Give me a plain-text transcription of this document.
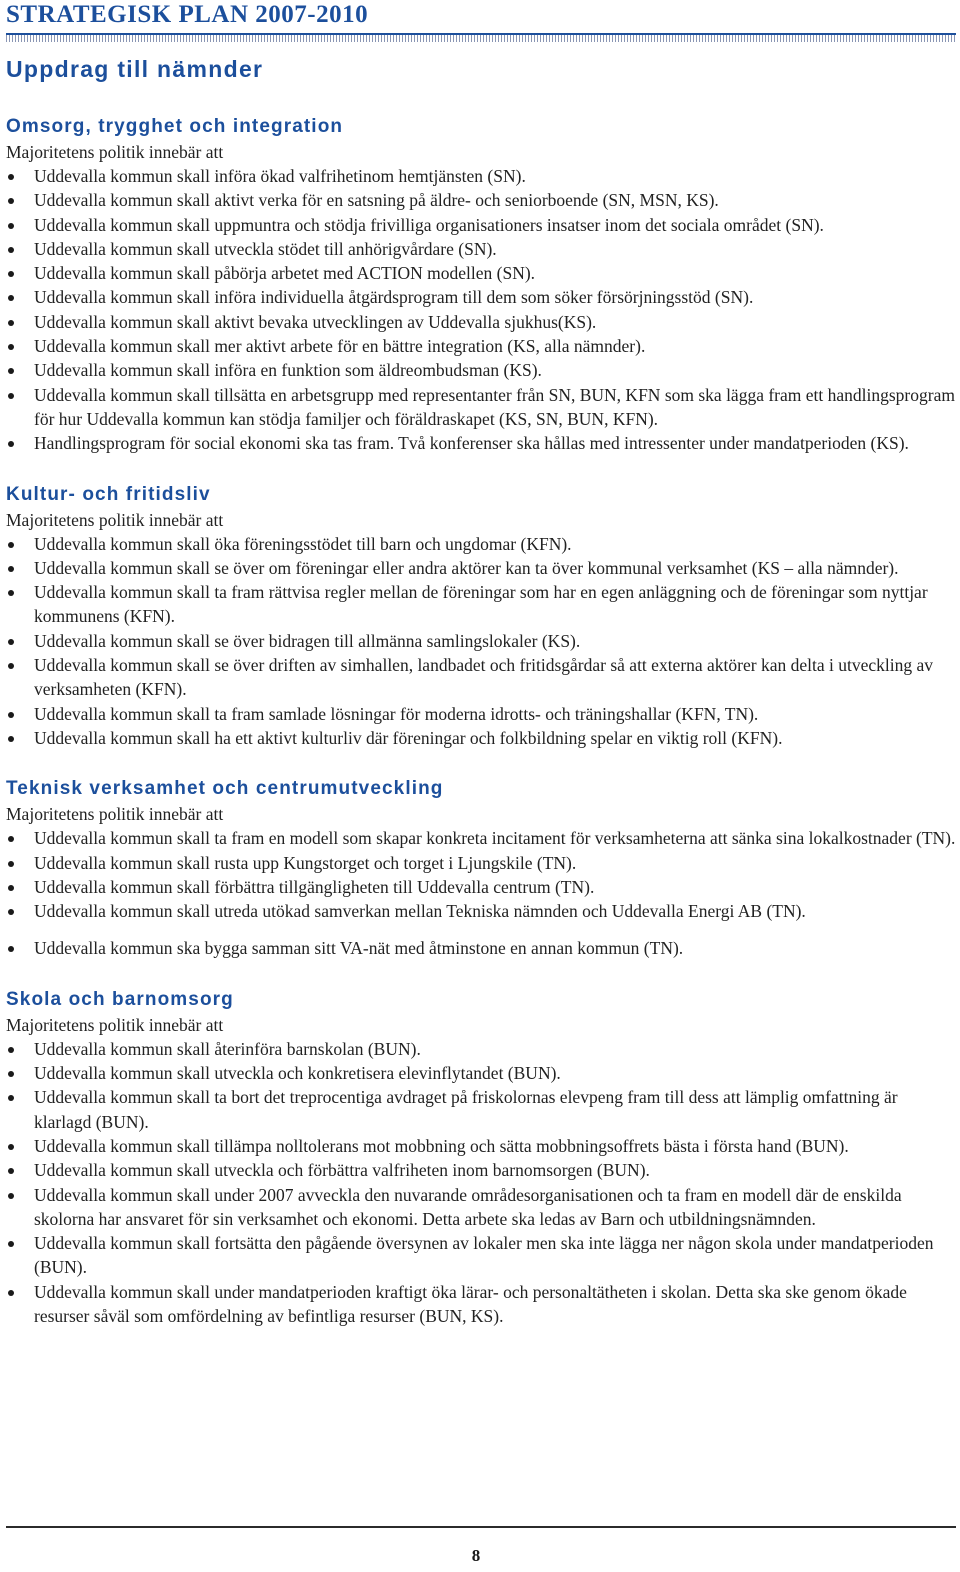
STRATEGISK PLAN 2007-2010
Uppdrag till nämnder
Omsorg, trygghet och integration

Majoritetens politik innebär att

Uddevalla kommun skall införa ökad valfrihetinom hemtjänsten (SN).
Uddevalla kommun skall aktivt verka för en satsning på äldre- och seniorboende (SN, MSN, KS).
Uddevalla kommun skall uppmuntra och stödja frivilliga organisationers insatser inom det sociala området (SN).
Uddevalla kommun skall utveckla stödet till anhörigvårdare (SN).
Uddevalla kommun skall påbörja arbetet med ACTION modellen (SN).
Uddevalla kommun skall införa individuella åtgärdsprogram till dem som söker försörjningsstöd (SN).
Uddevalla kommun skall aktivt bevaka utvecklingen av Uddevalla sjukhus(KS).
Uddevalla kommun skall mer aktivt arbete för en bättre integration (KS, alla nämnder).
Uddevalla kommun skall införa en funktion som äldreombudsman (KS).
Uddevalla kommun skall tillsätta en arbetsgrupp med representanter från SN, BUN, KFN som ska lägga fram ett handlingsprogram för hur Uddevalla kommun kan stödja familjer och föräldraskapet (KS, SN, BUN, KFN).
Handlingsprogram för social ekonomi ska tas fram. Två konferenser ska hållas med intressenter under mandatperioden (KS).
Kultur- och fritidsliv

Majoritetens politik innebär att

Uddevalla kommun skall öka föreningsstödet till barn och ungdomar (KFN).
Uddevalla kommun skall se över om föreningar eller andra aktörer kan ta över kommunal verksamhet (KS – alla nämnder).
Uddevalla kommun skall ta fram rättvisa regler mellan de föreningar som har en egen anläggning och de föreningar som nyttjar kommunens (KFN).
Uddevalla kommun skall se över bidragen till allmänna samlingslokaler (KS).
Uddevalla kommun skall se över driften av simhallen, landbadet och fritidsgårdar så att externa aktörer kan delta i utveckling av verksamheten (KFN).
Uddevalla kommun skall ta fram samlade lösningar för moderna idrotts- och träningshallar (KFN, TN).
Uddevalla kommun skall ha ett aktivt kulturliv där föreningar och folkbildning spelar en viktig roll (KFN).
Teknisk verksamhet och centrumutveckling

Majoritetens politik innebär att

Uddevalla kommun skall ta fram en modell som skapar konkreta incitament för verksamheterna att sänka sina lokalkostnader (TN).
Uddevalla kommun skall rusta upp Kungstorget och torget i Ljungskile (TN).
Uddevalla kommun skall förbättra tillgängligheten till Uddevalla centrum (TN).
Uddevalla kommun skall utreda utökad samverkan mellan Tekniska nämnden och Uddevalla Energi AB (TN).
Uddevalla kommun ska bygga samman sitt VA-nät med åtminstone en annan kommun (TN).
Skola och barnomsorg

Majoritetens politik innebär att

Uddevalla kommun skall återinföra barnskolan (BUN).
Uddevalla kommun skall utveckla och konkretisera elevinflytandet (BUN).
Uddevalla kommun skall ta bort det treprocentiga avdraget på friskolornas elevpeng fram till dess att lämplig omfattning är klarlagd (BUN).
Uddevalla kommun skall tillämpa nolltolerans mot mobbning och sätta mobbningsoffrets bästa i första hand (BUN).
Uddevalla kommun skall utveckla och förbättra valfriheten inom barnomsorgen (BUN).
Uddevalla kommun skall under 2007 avveckla den nuvarande områdesorganisationen och ta fram en modell där de enskilda skolorna har ansvaret för sin verksamhet och ekonomi. Detta arbete ska ledas av Barn och utbildningsnämnden.
Uddevalla kommun skall fortsätta den pågående översynen av lokaler men ska inte lägga ner någon skola under mandatperioden (BUN).
Uddevalla kommun skall under mandatperioden kraftigt öka lärar- och personaltätheten i skolan. Detta ska ske genom ökade resurser såväl som omfördelning av befintliga resurser (BUN, KS).
8
